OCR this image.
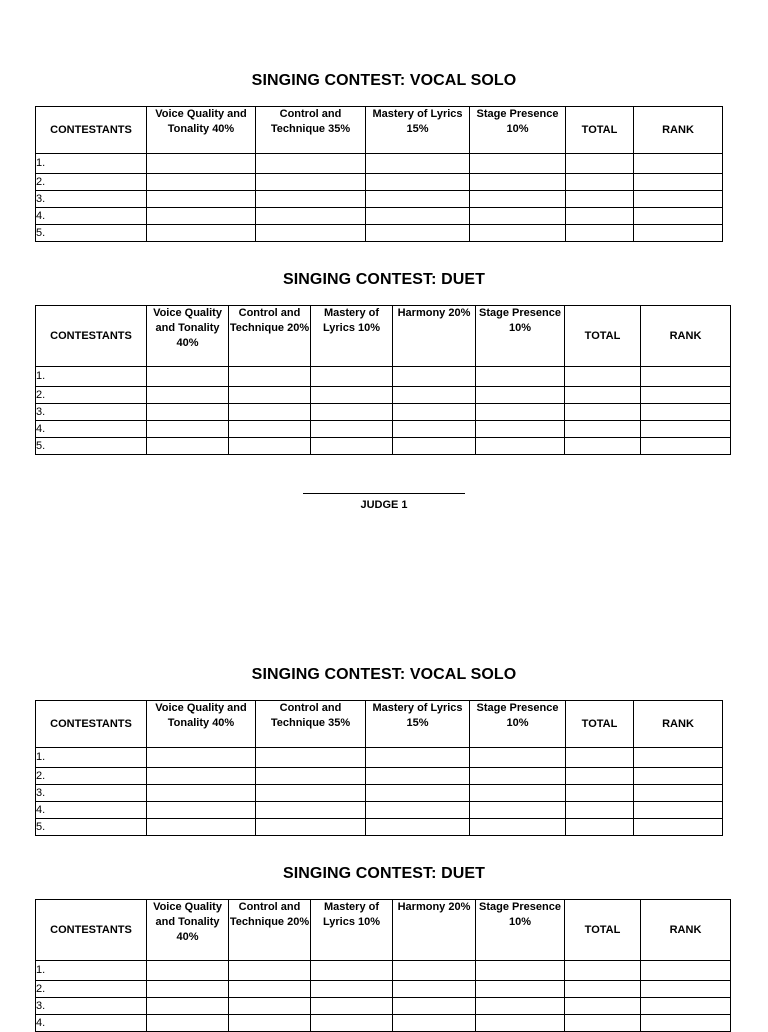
SINGING CONTEST: VOCAL SOLO
CONTESTANTS	Voice Quality and Tonality 40%	Control and Technique 35%	Mastery of Lyrics 15%	Stage Presence 10%	TOTAL	RANK
1.						
2.						
3.						
4.						
5.						
SINGING CONTEST: DUET
CONTESTANTS	Voice Quality and Tonality 40%	Control and Technique 20%	Mastery of Lyrics 10%	Harmony 20%	Stage Presence 10%	TOTAL	RANK
1.							
2.							
3.							
4.							
5.							
JUDGE 1
SINGING CONTEST: VOCAL SOLO
CONTESTANTS	Voice Quality and Tonality 40%	Control and Technique 35%	Mastery of Lyrics 15%	Stage Presence 10%	TOTAL	RANK
1.						
2.						
3.						
4.						
5.						
SINGING CONTEST: DUET
CONTESTANTS	Voice Quality and Tonality 40%	Control and Technique 20%	Mastery of Lyrics 10%	Harmony 20%	Stage Presence 10%	TOTAL	RANK
1.							
2.							
3.							
4.							
